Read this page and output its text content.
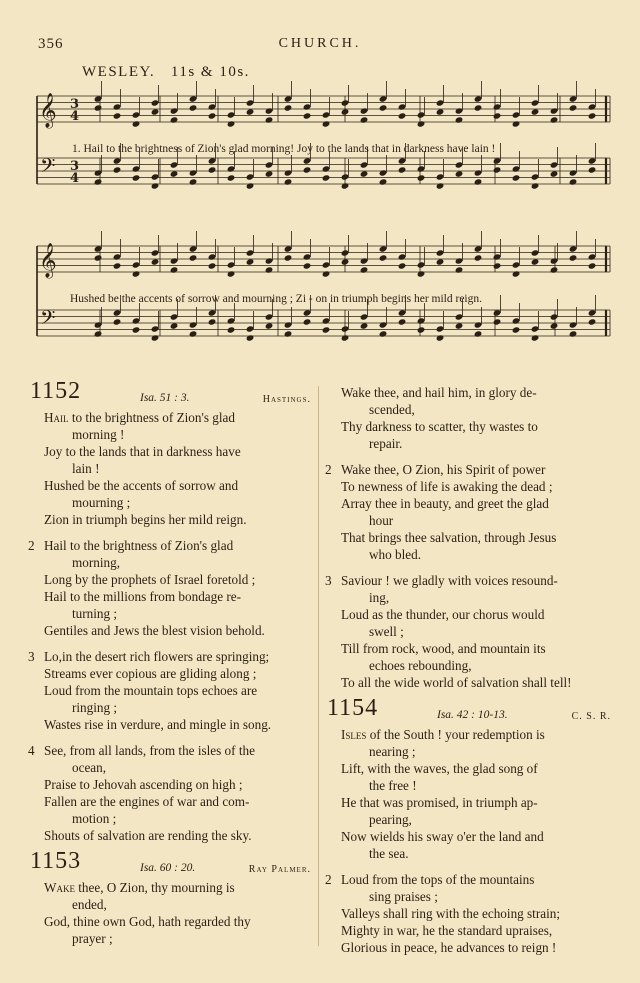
356	CHURCH.
WESLEY. 11s & 10s.
𝄞
𝄢
𝄞
𝄢
3
4
3
4
1. Hail to the brightness of Zion's glad morning! Joy to the lands that in darkness have lain !
Hushed be the accents of sorrow and mourning ; Zi - on in triumph begins her mild reign.
1152	Isa. 51 : 3.	Hastings.
Hail to the brightness of Zion's glad
morning !
Joy to the lands that in darkness have
lain !
Hushed be the accents of sorrow and
mourning ;
Zion in triumph begins her mild reign.
2 Hail to the brightness of Zion's glad
morning,
Long by the prophets of Israel foretold ;
Hail to the millions from bondage re-
turning ;
Gentiles and Jews the blest vision behold.
3 Lo,in the desert rich flowers are springing;
Streams ever copious are gliding along ;
Loud from the mountain tops echoes are
ringing ;
Wastes rise in verdure, and mingle in song.
4 See, from all lands, from the isles of the
ocean,
Praise to Jehovah ascending on high ;
Fallen are the engines of war and com-
motion ;
Shouts of salvation are rending the sky.
1153	Isa. 60 : 20.	Ray Palmer.
Wake thee, O Zion, thy mourning is
ended,
God, thine own God, hath regarded thy
prayer ;
Wake thee, and hail him, in glory de-
scended,
Thy darkness to scatter, thy wastes to
repair.
2 Wake thee, O Zion, his Spirit of power
To newness of life is awaking the dead ;
Array thee in beauty, and greet the glad
hour
That brings thee salvation, through Jesus
who bled.
3 Saviour ! we gladly with voices resound-
ing,
Loud as the thunder, our chorus would
swell ;
Till from rock, wood, and mountain its
echoes rebounding,
To all the wide world of salvation shall tell!
1154	Isa. 42 : 10-13.	C. S. R.
Isles of the South ! your redemption is
nearing ;
Lift, with the waves, the glad song of
the free !
He that was promised, in triumph ap-
pearing,
Now wields his sway o'er the land and
the sea.
2 Loud from the tops of the mountains
sing praises ;
Valleys shall ring with the echoing strain;
Mighty in war, he the standard upraises,
Glorious in peace, he advances to reign !
